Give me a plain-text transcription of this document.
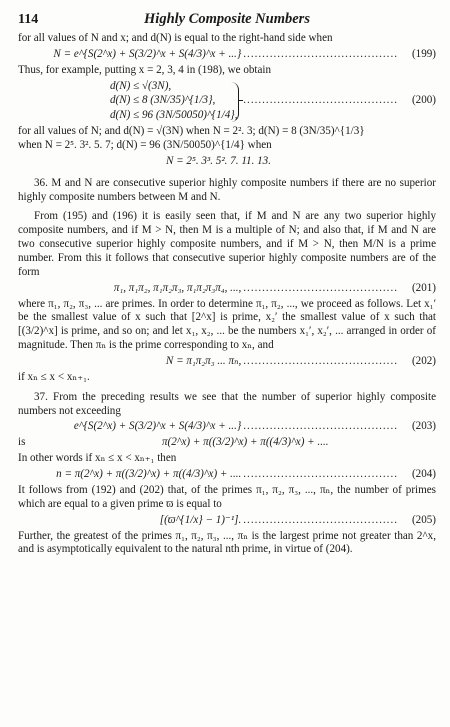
114	Highly Composite Numbers

for all values of N and x; and d(N) is equal to the right-hand side when

N = e^{S(2^x) + S(3/2)^x + S(4/3)^x + ...} .........................................	(199)

Thus, for example, putting x = 2, 3, 4 in (198), we obtain

d(N) ≤ √(3N),
d(N) ≤ 8 (3N/35)^{1/3},	.........................................	(200)
d(N) ≤ 96 (3N/50050)^{1/4},

for all values of N; and d(N) = √(3N) when N = 2². 3; d(N) = 8 (3N/35)^{1/3}

when N = 2⁵. 3². 5. 7; d(N) = 96 (3N/50050)^{1/4} when

N = 2⁵. 3³. 5². 7. 11. 13.

36. M and N are consecutive superior highly composite numbers if there are no superior highly composite numbers between M and N.

From (195) and (196) it is easily seen that, if M and N are any two superior highly composite numbers, and if M > N, then M is a multiple of N; and also that, if M and N are two consecutive superior highly composite numbers, and if M > N, then M/N is a prime number. From this it follows that consecutive superior highly composite numbers are of the form

π₁, π₁π₂, π₁π₂π₃, π₁π₂π₃π₄, ..., .........................................	(201)

where π₁, π₂, π₃, ... are primes. In order to determine π₁, π₂, ..., we proceed as follows. Let x₁′ be the smallest value of x such that [2^x] is prime, x₂′ the smallest value of x such that [(3/2)^x] is prime, and so on; and let x₁, x₂, ... be the numbers x₁′, x₂′, ... arranged in order of magnitude. Then πₙ is the prime corresponding to xₙ, and

N = π₁π₂π₃ ... πₙ, .........................................	(202)

if xₙ ≤ x < xₙ₊₁.

37. From the preceding results we see that the number of superior highly composite numbers not exceeding

e^{S(2^x) + S(3/2)^x + S(4/3)^x + ...} .........................................	(203)
is	π(2^x) + π((3/2)^x) + π((4/3)^x) + ....

In other words if xₙ ≤ x < xₙ₊₁ then

n = π(2^x) + π((3/2)^x) + π((4/3)^x) + .... .........................................	(204)

It follows from (192) and (202) that, of the primes π₁, π₂, π₃, ..., πₙ, the number of primes which are equal to a given prime ϖ is equal to

[(ϖ^{1/x} − 1)⁻¹]. .........................................	(205)

Further, the greatest of the primes π₁, π₂, π₃, ..., πₙ is the largest prime not greater than 2^x, and is asymptotically equivalent to the natural nth prime, in virtue of (204).
